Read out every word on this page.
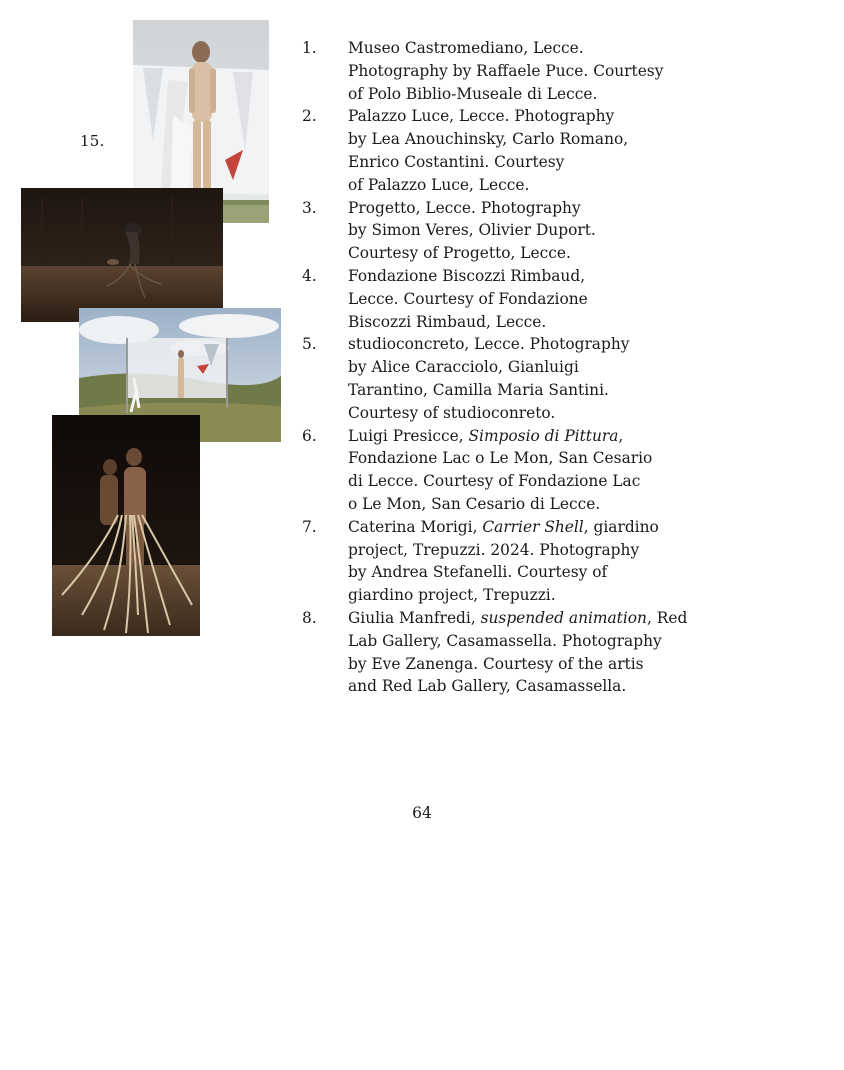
15.
1. Museo Castromediano, Lecce.
Photography by Raffaele Puce. Courtesy
of Polo Biblio-Museale di Lecce.
2. Palazzo Luce, Lecce. Photography
by Lea Anouchinsky, Carlo Romano,
Enrico Costantini. Courtesy
of Palazzo Luce, Lecce.
3. Progetto, Lecce. Photography
by Simon Veres, Olivier Duport.
Courtesy of Progetto, Lecce.
4. Fondazione Biscozzi Rimbaud,
Lecce. Courtesy of Fondazione
Biscozzi Rimbaud, Lecce.
5. studioconcreto, Lecce. Photography
by Alice Caracciolo, Gianluigi
Tarantino, Camilla Maria Santini.
Courtesy of studioconreto.
6. Luigi Presicce, Simposio di Pittura,
Fondazione Lac o Le Mon, San Cesario
di Lecce. Courtesy of Fondazione Lac
o Le Mon, San Cesario di Lecce.
7. Caterina Morigi, Carrier Shell, giardino
project, Trepuzzi. 2024. Photography
by Andrea Stefanelli. Courtesy of
giardino project, Trepuzzi.
8. Giulia Manfredi, suspended animation, Red
Lab Gallery, Casamassella. Photography
by Eve Zanenga. Courtesy of the artis
and Red Lab Gallery, Casamassella.
64
